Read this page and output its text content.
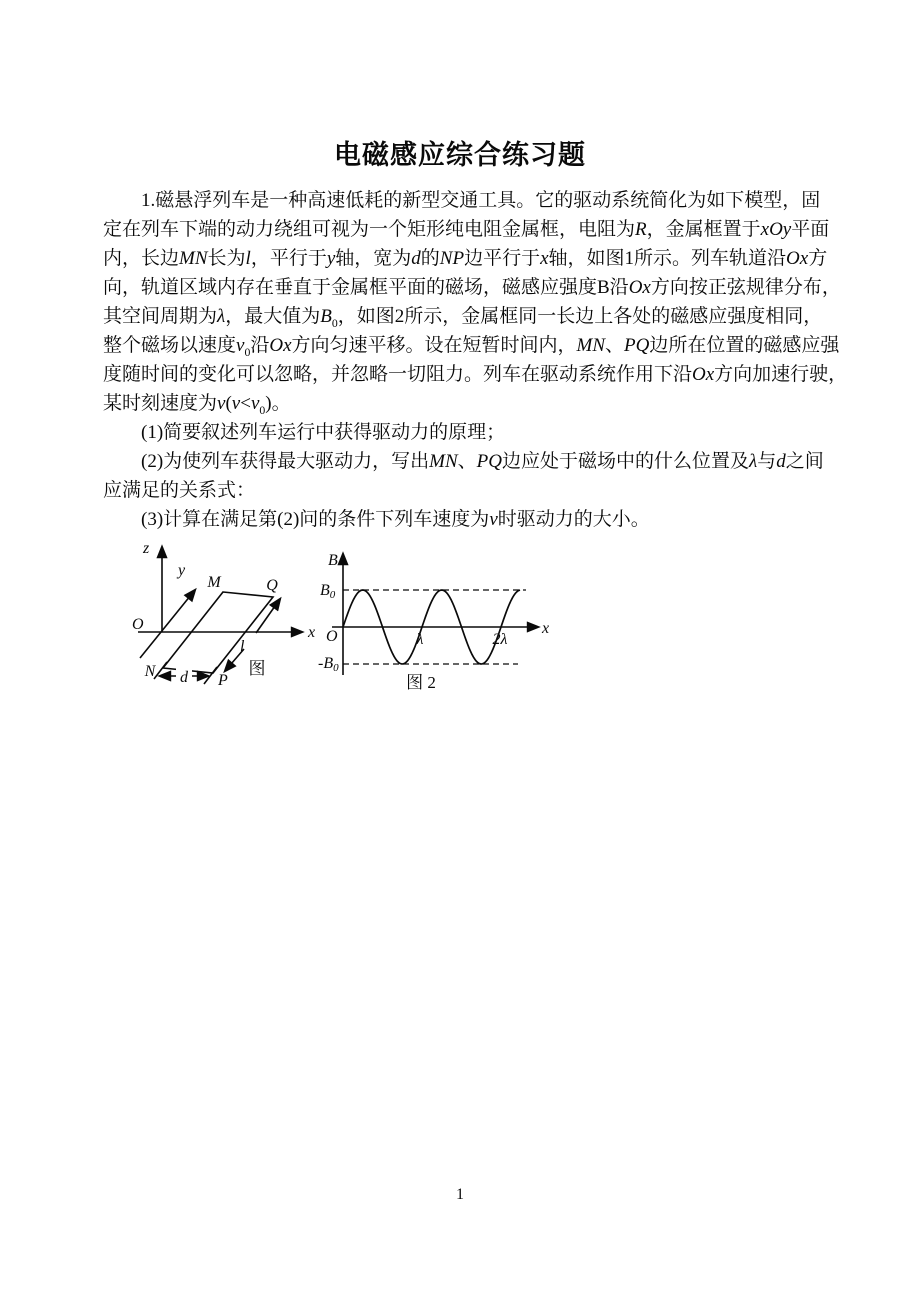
电磁感应综合练习题
1.磁悬浮列车是一种高速低耗的新型交通工具。它的驱动系统简化为如下模型，固
定在列车下端的动力绕组可视为一个矩形纯电阻金属框，电阻为R，金属框置于xOy平面
内，长边MN长为l，平行于y轴，宽为d的NP边平行于x轴，如图1所示。列车轨道沿Ox方
向，轨道区域内存在垂直于金属框平面的磁场，磁感应强度B沿Ox方向按正弦规律分布，
其空间周期为λ，最大值为$B_0$，如图2所示，金属框同一长边上各处的磁感应强度相同，
整个磁场以速度$v_0$沿Ox方向匀速平移。设在短暂时间内，MN、PQ边所在位置的磁感应强
度随时间的变化可以忽略，并忽略一切阻力。列车在驱动系统作用下沿Ox方向加速行驶，
某时刻速度为$v(v<v_0)$。
(1)简要叙述列车运行中获得驱动力的原理；
(2)为使列车获得最大驱动力，写出MN、PQ边应处于磁场中的什么位置及λ与d之间
应满足的关系式：
(3)计算在满足第(2)问的条件下列车速度为v时驱动力的大小。
z
y
x
O
M	Q
N
P
l
d	图
B
B0
-B0
O	x
λ	2λ
图 2
1
